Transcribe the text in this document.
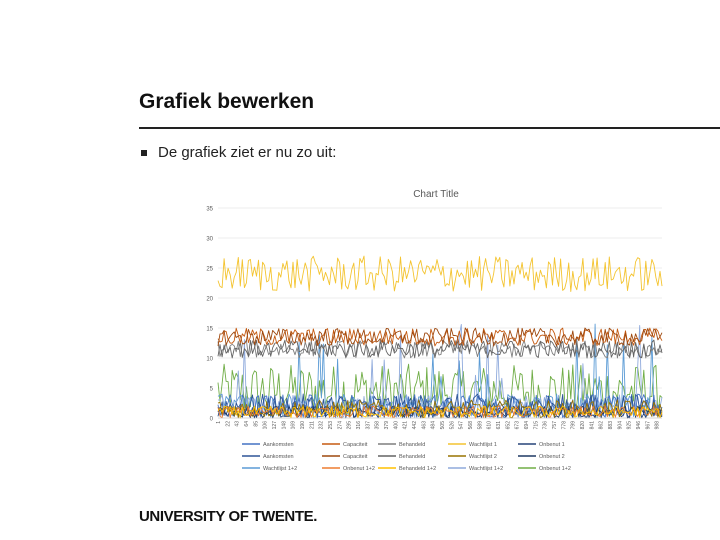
Grafiek bewerken
De grafiek ziet er nu zo uit:
Chart Title
0
5
10
15
20
25
30
35
1 22 43 64 85 106 127 148 169 190 211 232 253 274 295 316 337 358 379 400 421 442 463 484 505 526 547 568 589 610 631 652 673 694 715 736 757 778 799 820 841 862 883 904 925 946 967 988
Aankomsten	Capaciteit	Behandeld	Wachtlijst 1	Onbenut 1
Aankomsten	Capaciteit	Behandeld	Wachtlijst 2	Onbenut 2
Wachtlijst 1+2	Onbenut 1+2	Behandeld 1+2	Wachtlijst 1+2	Onbenut 1+2
UNIVERSITY OF TWENTE.
